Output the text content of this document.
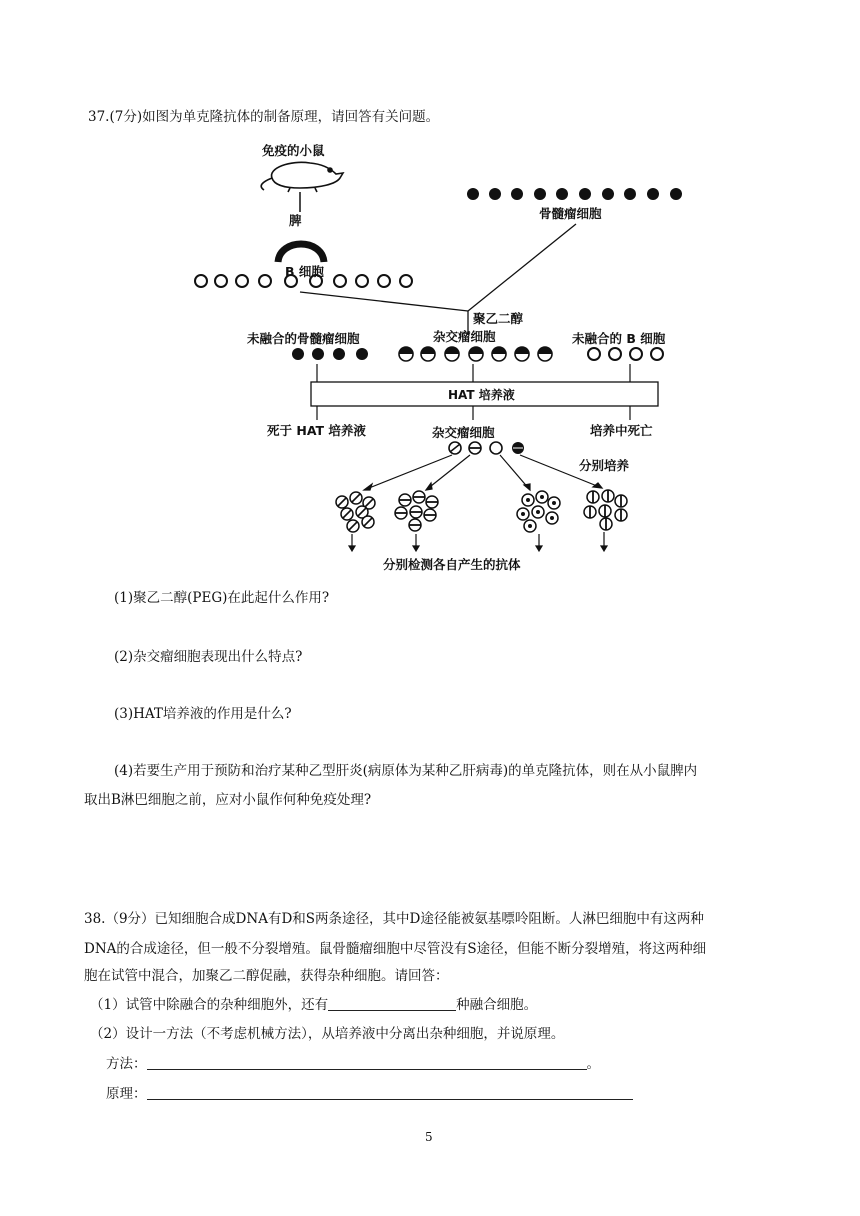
37.(7分)如图为单克隆抗体的制备原理，请回答有关问题。
免疫的小鼠
脾
B 细胞
骨髓瘤细胞
聚乙二醇
未融合的骨髓瘤细胞	杂交瘤细胞	未融合的 B 细胞
HAT 培养液
死于 HAT 培养液	杂交瘤细胞	培养中死亡
分别培养
分别检测各自产生的抗体
(1)聚乙二醇(PEG)在此起什么作用?
(2)杂交瘤细胞表现出什么特点?
(3)HAT培养液的作用是什么?
(4)若要生产用于预防和治疗某种乙型肝炎(病原体为某种乙肝病毒)的单克隆抗体，则在从小鼠脾内
取出B淋巴细胞之前，应对小鼠作何种免疫处理?
38.（9分）已知细胞合成DNA有D和S两条途径，其中D途径能被氨基嘌呤阻断。人淋巴细胞中有这两种
DNA的合成途径，但一般不分裂增殖。鼠骨髓瘤细胞中尽管没有S途径，但能不断分裂增殖，将这两种细
胞在试管中混合，加聚乙二醇促融，获得杂种细胞。请回答：
（1）试管中除融合的杂种细胞外，还有	种融合细胞。
（2）设计一方法（不考虑机械方法），从培养液中分离出杂种细胞，并说原理。
方法：	。
原理：
5
